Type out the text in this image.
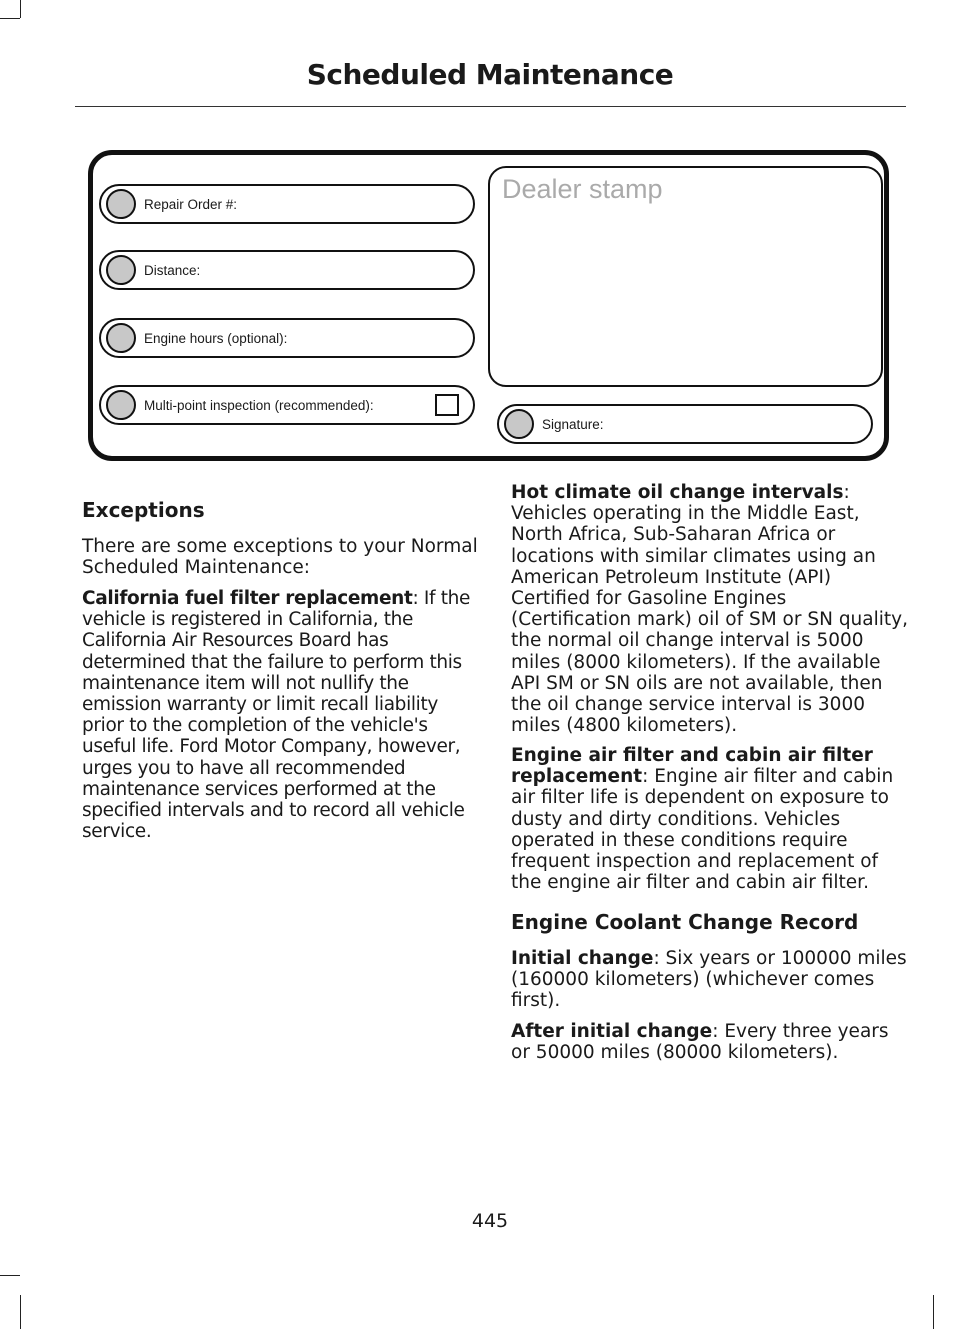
Scheduled Maintenance
Repair Order #:
Distance:
Engine hours (optional):
Multi-point inspection (recommended):
Dealer stamp
Signature:
Exceptions

There are some exceptions to your Normal Scheduled Maintenance:

California fuel filter replacement: If the vehicle is registered in California, the California Air Resources Board has determined that the failure to perform this maintenance item will not nullify the emission warranty or limit recall liability prior to the completion of the vehicle's useful life. Ford Motor Company, however, urges you to have all recommended maintenance services performed at the specified intervals and to record all vehicle service.

Hot climate oil change intervals: Vehicles operating in the Middle East, North Africa, Sub-Saharan Africa or locations with similar climates using an American Petroleum Institute (API) Certified for Gasoline Engines (Certification mark) oil of SM or SN quality, the normal oil change interval is 5000 miles (8000 kilometers). If the available API SM or SN oils are not available, then the oil change service interval is 3000 miles (4800 kilometers).

Engine air filter and cabin air filter replacement: Engine air filter and cabin air filter life is dependent on exposure to dusty and dirty conditions. Vehicles operated in these conditions require frequent inspection and replacement of the engine air filter and cabin air filter.

Engine Coolant Change Record

Initial change: Six years or 100000 miles (160000 kilometers) (whichever comes first).

After initial change: Every three years or 50000 miles (80000 kilometers).

445
